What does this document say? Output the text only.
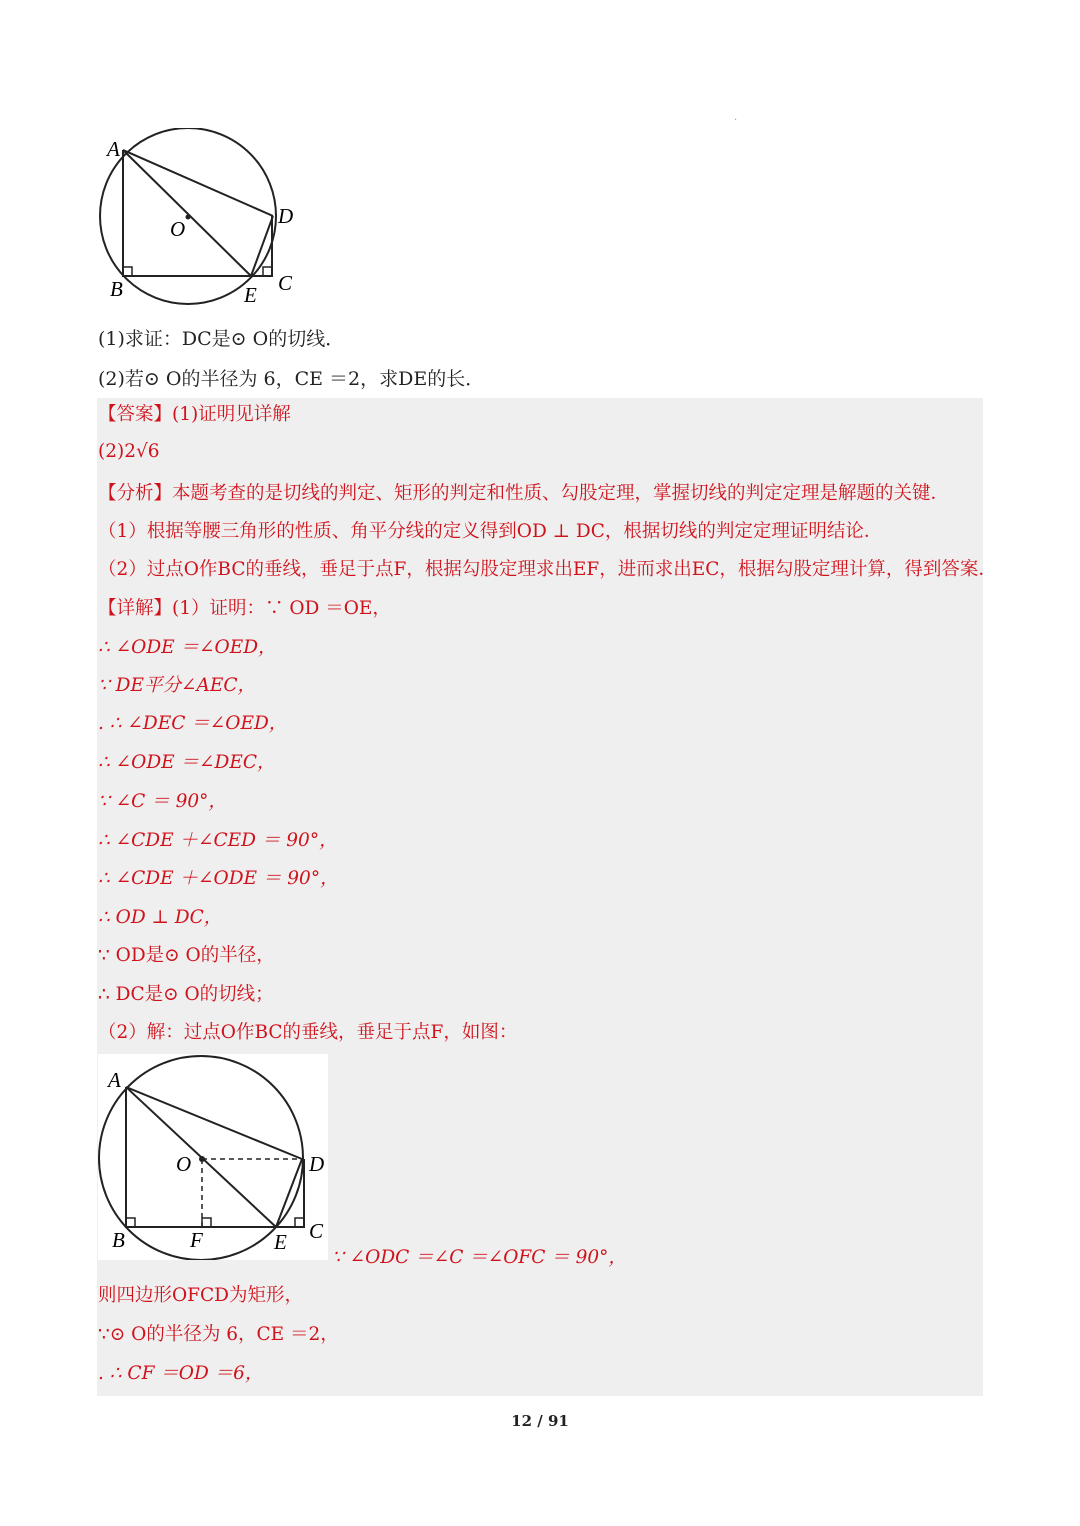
.
A
B	C
D
E
O
(1)求证：DC是⊙ O的切线．
(2)若⊙ O的半径为 6，CE ＝2，求DE的长．
【答案】(1)证明见详解
(2)2√6
【分析】本题考查的是切线的判定、矩形的判定和性质、勾股定理，掌握切线的判定定理是解题的关键．
（1）根据等腰三角形的性质、角平分线的定义得到OD ⊥ DC，根据切线的判定定理证明结论．
（2）过点O作BC的垂线，垂足于点F，根据勾股定理求出EF，进而求出EC，根据勾股定理计算，得到答案．
【详解】(1）证明：∵ OD ＝OE，
∴ ∠ODE ＝∠OED，
∵ DE平分∠AEC，
. ∴ ∠DEC ＝∠OED，
∴ ∠ODE ＝∠DEC，
∵ ∠C ＝ 90°，
∴ ∠CDE ＋∠CED ＝ 90°，
∴ ∠CDE ＋∠ODE ＝ 90°，
∴ OD ⊥ DC，
∵ OD是⊙ O的半径，
∴ DC是⊙ O的切线；
（2）解：过点O作BC的垂线，垂足于点F，如图：
A
B	F	E C
D
O
∵ ∠ODC ＝∠C ＝∠OFC ＝ 90°，
则四边形OFCD为矩形，
∵⊙ O的半径为 6，CE ＝2，
. ∴ CF ＝OD ＝6，
12 / 91
